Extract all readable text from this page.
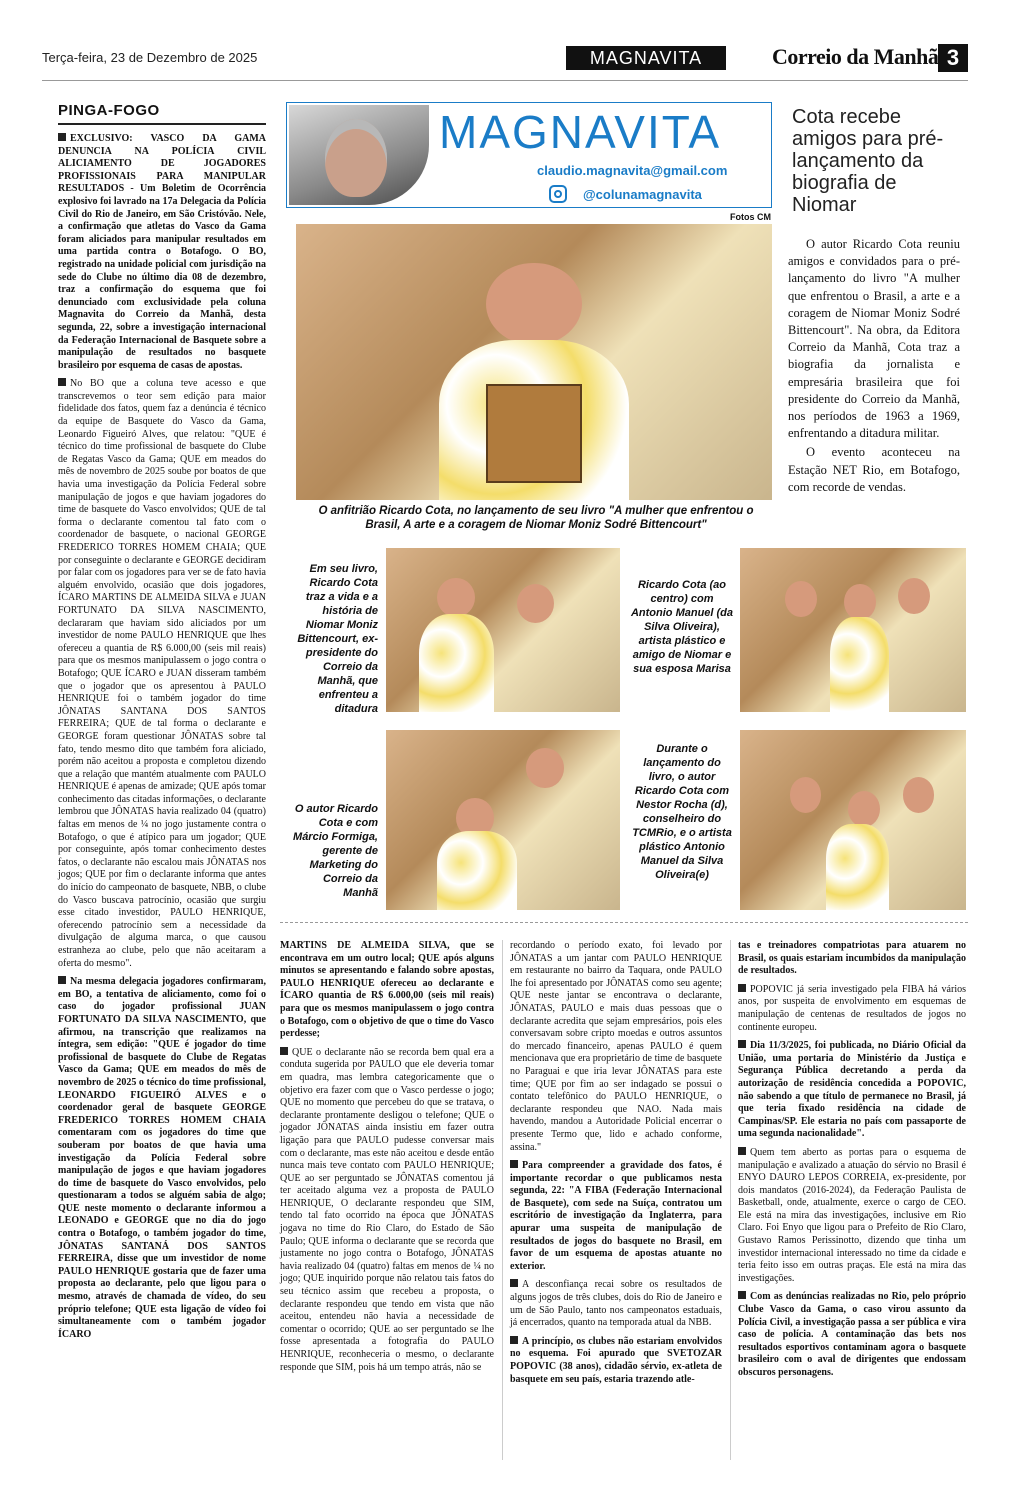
Terça-feira, 23 de Dezembro de 2025	MAGNAVITA	Correio da Manhã 3
PINGA-FOGO

EXCLUSIVO: VASCO DA GAMA DENUNCIA NA POLÍCIA CIVIL ALICIAMENTO DE JOGADORES PROFISSIONAIS PARA MANIPULAR RESULTADOS - Um Boletim de Ocorrência explosivo foi lavrado na 17a Delegacia da Polícia Civil do Rio de Janeiro, em São Cristóvão. Nele, a confirmação que atletas do Vasco da Gama foram aliciados para manipular resultados em uma partida contra o Botafogo. O BO, registrado na unidade policial com jurisdição na sede do Clube no último dia 08 de dezembro, traz a confirmação do esquema que foi denunciado com exclusividade pela coluna Magnavita do Correio da Manhã, desta segunda, 22, sobre a investigação internacional da Federação Internacional de Basquete sobre a manipulação de resultados no basquete brasileiro por esquema de casas de apostas.

No BO que a coluna teve acesso e que transcrevemos o teor sem edição para maior fidelidade dos fatos, quem faz a denúncia é técnico da equipe de Basquete do Vasco da Gama, Leonardo Figueiró Alves, que relatou: "QUE é técnico do time profissional de basquete do Clube de Regatas Vasco da Gama; QUE em meados do mês de novembro de 2025 soube por boatos de que havia uma investigação da Polícia Federal sobre manipulação de jogos e que haviam jogadores do time de basquete do Vasco envolvidos; QUE de tal forma o declarante comentou tal fato com o coordenador de basquete, o nacional GEORGE FREDERICO TORRES HOMEM CHAIA; QUE por conseguinte o declarante e GEORGE decidiram por falar com os jogadores para ver se de fato havia alguém envolvido, ocasião que dois jogadores, ÍCARO MARTINS DE ALMEIDA SILVA e JUAN FORTUNATO DA SILVA NASCIMENTO, declararam que haviam sido aliciados por um investidor de nome PAULO HENRIQUE que lhes ofereceu a quantia de R$ 6.000,00 (seis mil reais) para que os mesmos manipulassem o jogo contra o Botafogo; QUE ÍCARO e JUAN disseram também que o jogador que os apresentou à PAULO HENRIQUE foi o também jogador do time JÔNATAS SANTANA DOS SANTOS FERREIRA; QUE de tal forma o declarante e GEORGE foram questionar JÔNATAS sobre tal fato, tendo mesmo dito que também fora aliciado, porém não aceitou a proposta e completou dizendo que a relação que mantém atualmente com PAULO HENRIQUE é apenas de amizade; QUE após tomar conhecimento das citadas informações, o declarante lembrou que JÔNATAS havia realizado 04 (quatro) faltas em menos de ¼ no jogo justamente contra o Botafogo, o que é atípico para um jogador; QUE por conseguinte, após tomar conhecimento destes fatos, o declarante não escalou mais JÔNATAS nos jogos; QUE por fim o declarante informa que antes do início do campeonato de basquete, NBB, o clube do Vasco buscava patrocínio, ocasião que surgiu esse citado investidor, PAULO HENRIQUE, oferecendo patrocínio sem a necessidade da divulgação de alguma marca, o que causou estranheza ao clube, pelo que não aceitaram a oferta do mesmo".

Na mesma delegacia jogadores confirmaram, em BO, a tentativa de aliciamento, como foi o caso do jogador profissional JUAN FORTUNATO DA SILVA NASCIMENTO, que afirmou, na transcrição que realizamos na íntegra, sem edição: "QUE é jogador do time profissional de basquete do Clube de Regatas Vasco da Gama; QUE em meados do mês de novembro de 2025 o técnico do time profissional, LEONARDO FIGUEIRÓ ALVES e o coordenador geral de basquete GEORGE FREDERICO TORRES HOMEM CHAIA comentaram com os jogadores do time que souberam por boatos de que havia uma investigação da Polícia Federal sobre manipulação de jogos e que haviam jogadores do time de basquete do Vasco envolvidos, pelo questionaram a todos se alguém sabia de algo; QUE neste momento o declarante informou a LEONADO e GEORGE que no dia do jogo contra o Botafogo, o também jogador do time, JÔNATAS SANTANÁ DOS SANTOS FERREIRA, disse que um investidor de nome PAULO HENRIQUE gostaria que de fazer uma proposta ao declarante, pelo que ligou para o mesmo, através de chamada de vídeo, do seu próprio telefone; QUE esta ligação de vídeo foi simultaneamente com o também jogador ÍCARO

MAGNAVITA
claudio.magnavita@gmail.com
@colunamagnavita
Fotos CM
O anfitrião Ricardo Cota, no lançamento de seu livro "A mulher que enfrentou o Brasil, A arte e a coragem de Niomar Moniz Sodré Bittencourt"
Cota recebe amigos para pré-lançamento da biografia de Niomar

O autor Ricardo Cota reuniu amigos e convidados para o pré-lançamento do livro "A mulher que enfrentou o Brasil, a arte e a coragem de Niomar Moniz Sodré Bittencourt". Na obra, da Editora Correio da Manhã, Cota traz a biografia da jornalista e empresária brasileira que foi presidente do Correio da Manhã, nos períodos de 1963 a 1969, enfrentando a ditadura militar.

O evento aconteceu na Estação NET Rio, em Botafogo, com recorde de vendas.

Em seu livro, Ricardo Cota traz a vida e a história de Niomar Moniz Bittencourt, ex-presidente do Correio da Manhã, que enfrenteu a ditadura
Ricardo Cota (ao centro) com Antonio Manuel (da Silva Oliveira), artista plástico e amigo de Niomar e sua esposa Marisa
O autor Ricardo Cota e com Márcio Formiga, gerente de Marketing do Correio da Manhã
Durante o lançamento do livro, o autor Ricardo Cota com Nestor Rocha (d), conselheiro do TCMRio, e o artista plástico Antonio Manuel da Silva Oliveira(e)

MARTINS DE ALMEIDA SILVA, que se encontrava em um outro local; QUE após alguns minutos se apresentando e falando sobre apostas, PAULO HENRIQUE ofereceu ao declarante e ÍCARO quantia de R$ 6.000,00 (seis mil reais) para que os mesmos manipulassem o jogo contra o Botafogo, com o objetivo de que o time do Vasco perdesse;

QUE o declarante não se recorda bem qual era a conduta sugerida por PAULO que ele deveria tomar em quadra, mas lembra categoricamente que o objetivo era fazer com que o Vasco perdesse o jogo; QUE no momento que percebeu do que se tratava, o declarante prontamente desligou o telefone; QUE o jogador JÔNATAS ainda insistiu em fazer outra ligação para que PAULO pudesse conversar mais com o declarante, mas este não aceitou e desde então nunca mais teve contato com PAULO HENRIQUE; QUE ao ser perguntado se JÔNATAS comentou já ter aceitado alguma vez a proposta de PAULO HENRIQUE, O declarante respondeu que SIM, tendo tal fato ocorrido na época que JÔNATAS jogava no time do Rio Claro, do Estado de São Paulo; QUE informa o declarante que se recorda que justamente no jogo contra o Botafogo, JÔNATAS havia realizado 04 (quatro) faltas em menos de ¼ no jogo; QUE inquirido porque não relatou tais fatos do seu técnico assim que recebeu a proposta, o declarante respondeu que tendo em vista que não aceitou, entendeu não havia a necessidade de comentar o ocorrido; QUE ao ser perguntado se lhe fosse apresentada a fotografia do PAULO HENRIQUE, reconheceria o mesmo, o declarante responde que SIM, pois há um tempo atrás, não se

recordando o período exato, foi levado por JÔNATAS a um jantar com PAULO HENRIQUE em restaurante no bairro da Taquara, onde PAULO lhe foi apresentado por JÔNATAS como seu agente; QUE neste jantar se encontrava o declarante, JÔNATAS, PAULO e mais duas pessoas que o declarante acredita que sejam empresários, pois eles conversavam sobre cripto moedas e outros assuntos do mercado financeiro, apenas PAULO é quem mencionava que era proprietário de time de basquete no Paraguai e que iria levar JÔNATAS para este time; QUE por fim ao ser indagado se possui o contato telefônico do PAULO HENRIQUE, o declarante respondeu que NAO. Nada mais havendo, mandou a Autoridade Policial encerrar o presente Termo que, lido e achado conforme, assina."

Para compreender a gravidade dos fatos, é importante recordar o que publicamos nesta segunda, 22: "A FIBA (Federação Internacional de Basquete), com sede na Suíça, contratou um escritório de investigação da Inglaterra, para apurar uma suspeita de manipulação de resultados de jogos do basquete no Brasil, em favor de um esquema de apostas atuante no exterior.

A desconfiança recai sobre os resultados de alguns jogos de três clubes, dois do Rio de Janeiro e um de São Paulo, tanto nos campeonatos estaduais, já encerrados, quanto na temporada atual da NBB.

A princípio, os clubes não estariam envolvidos no esquema. Foi apurado que SVETOZAR POPOVIC (38 anos), cidadão sérvio, ex-atleta de basquete em seu país, estaria trazendo atle-

tas e treinadores compatriotas para atuarem no Brasil, os quais estariam incumbidos da manipulação de resultados.

POPOVIC já seria investigado pela FIBA há vários anos, por suspeita de envolvimento em esquemas de manipulação de centenas de resultados de jogos no continente europeu.

Dia 11/3/2025, foi publicada, no Diário Oficial da União, uma portaria do Ministério da Justiça e Segurança Pública decretando a perda da autorização de residência concedida a POPOVIC, não sabendo a que título de permanece no Brasil, já que teria fixado residência na cidade de Campinas/SP. Ele estaria no país com passaporte de uma segunda nacionalidade".

Quem tem aberto as portas para o esquema de manipulação e avalizado a atuação do sérvio no Brasil é ENYO DAURO LEPOS CORREIA, ex-presidente, por dois mandatos (2016-2024), da Federação Paulista de Basketball, onde, atualmente, exerce o cargo de CEO. Ele está na mira das investigações, inclusive em Rio Claro. Foi Enyo que ligou para o Prefeito de Rio Claro, Gustavo Ramos Perissinotto, dizendo que tinha um investidor internacional interessado no time da cidade e teria feito isso em outras praças. Ele está na mira das investigações.

Com as denúncias realizadas no Rio, pelo próprio Clube Vasco da Gama, o caso virou assunto da Polícia Civil, a investigação passa a ser pública e vira caso de polícia. A contaminação das bets nos resultados esportivos contaminam agora o basquete brasileiro com o aval de dirigentes que endossam obscuros personagens.
